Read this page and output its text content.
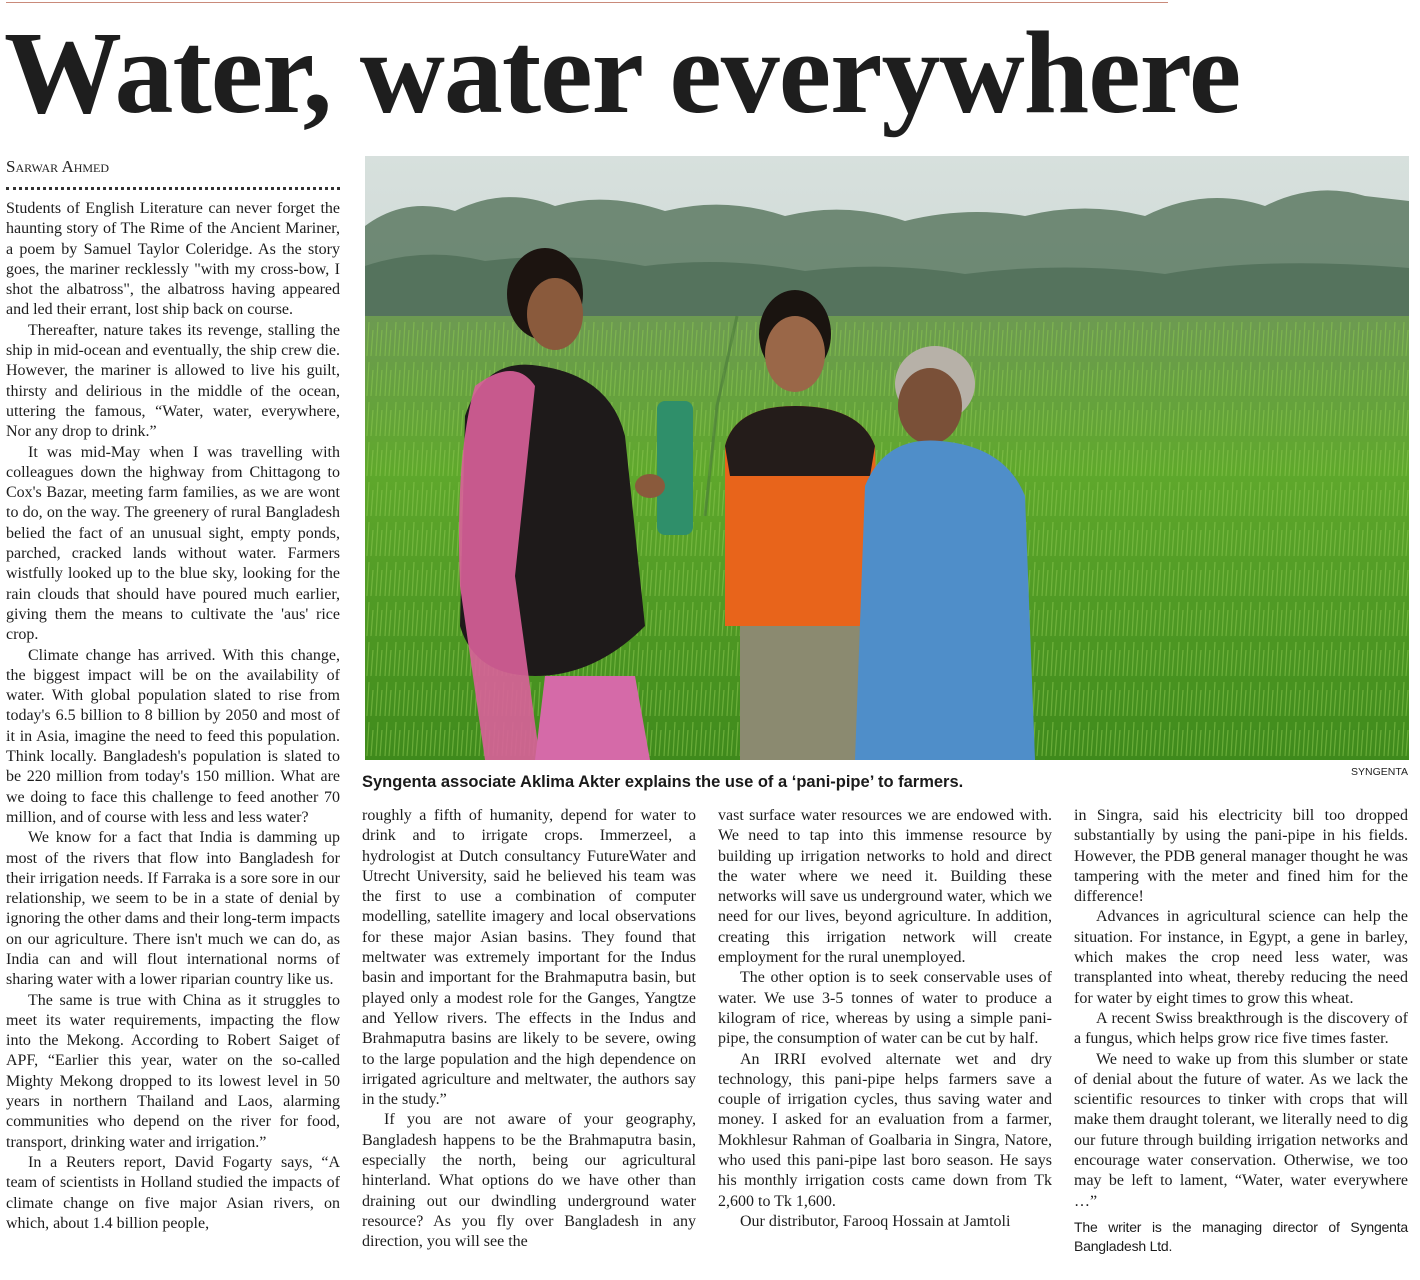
Water, water everywhere

Sarwar Ahmed

Students of English Literature can never forget the haunting story of The Rime of the Ancient Mariner, a poem by Samuel Taylor Coleridge. As the story goes, the mariner recklessly "with my cross-bow, I shot the albatross", the albatross having appeared and led their errant, lost ship back on course.

Thereafter, nature takes its revenge, stalling the ship in mid-ocean and eventually, the ship crew die. However, the mariner is allowed to live his guilt, thirsty and delirious in the middle of the ocean, uttering the famous, “Water, water, everywhere, Nor any drop to drink.”

It was mid-May when I was travelling with colleagues down the highway from Chittagong to Cox's Bazar, meeting farm families, as we are wont to do, on the way. The greenery of rural Bangladesh belied the fact of an unusual sight, empty ponds, parched, cracked lands without water. Farmers wistfully looked up to the blue sky, looking for the rain clouds that should have poured much earlier, giving them the means to cultivate the 'aus' rice crop.

Climate change has arrived. With this change, the biggest impact will be on the availability of water. With global population slated to rise from today's 6.5 billion to 8 billion by 2050 and most of it in Asia, imagine the need to feed this population. Think locally. Bangladesh's population is slated to be 220 million from today's 150 million. What are we doing to face this challenge to feed another 70 million, and of course with less and less water?

We know for a fact that India is damming up most of the rivers that flow into Bangladesh for their irrigation needs. If Farraka is a sore sore in our relationship, we seem to be in a state of denial by ignoring the other dams and their long-term impacts on our agriculture. There isn't much we can do, as India can and will flout international norms of sharing water with a lower riparian country like us.

The same is true with China as it struggles to meet its water requirements, impacting the flow into the Mekong. According to Robert Saiget of APF, “Earlier this year, water on the so-called Mighty Mekong dropped to its lowest level in 50 years in northern Thailand and Laos, alarming communities who depend on the river for food, transport, drinking water and irrigation.”

In a Reuters report, David Fogarty says, “A team of scientists in Holland studied the impacts of climate change on five major Asian rivers, on which, about 1.4 billion people,

Syngenta associate Aklima Akter explains the use of a ‘pani-pipe’ to farmers.

SYNGENTA

roughly a fifth of humanity, depend for water to drink and to irrigate crops. Immerzeel, a hydrologist at Dutch consultancy FutureWater and Utrecht University, said he believed his team was the first to use a combination of computer modelling, satellite imagery and local observations for these major Asian basins. They found that meltwater was extremely important for the Indus basin and important for the Brahmaputra basin, but played only a modest role for the Ganges, Yangtze and Yellow rivers. The effects in the Indus and Brahmaputra basins are likely to be severe, owing to the large population and the high dependence on irrigated agriculture and meltwater, the authors say in the study.”

If you are not aware of your geography, Bangladesh happens to be the Brahmaputra basin, especially the north, being our agricultural hinterland. What options do we have other than draining out our dwindling underground water resource? As you fly over Bangladesh in any direction, you will see the

vast surface water resources we are endowed with. We need to tap into this immense resource by building up irrigation networks to hold and direct the water where we need it. Building these networks will save us underground water, which we need for our lives, beyond agriculture. In addition, creating this irrigation network will create employment for the rural unemployed.

The other option is to seek conservable uses of water. We use 3-5 tonnes of water to produce a kilogram of rice, whereas by using a simple pani-pipe, the consumption of water can be cut by half.

An IRRI evolved alternate wet and dry technology, this pani-pipe helps farmers save a couple of irrigation cycles, thus saving water and money. I asked for an evaluation from a farmer, Mokhlesur Rahman of Goalbaria in Singra, Natore, who used this pani-pipe last boro season. He says his monthly irrigation costs came down from Tk 2,600 to Tk 1,600.

Our distributor, Farooq Hossain at Jamtoli

in Singra, said his electricity bill too dropped substantially by using the pani-pipe in his fields. However, the PDB general manager thought he was tampering with the meter and fined him for the difference!

Advances in agricultural science can help the situation. For instance, in Egypt, a gene in barley, which makes the crop need less water, was transplanted into wheat, thereby reducing the need for water by eight times to grow this wheat.

A recent Swiss breakthrough is the discovery of a fungus, which helps grow rice five times faster.

We need to wake up from this slumber or state of denial about the future of water. As we lack the scientific resources to tinker with crops that will make them draught tolerant, we literally need to dig our future through building irrigation networks and encourage water conservation. Otherwise, we too may be left to lament, “Water, water everywhere …”

The writer is the managing director of Syngenta Bangladesh Ltd.
